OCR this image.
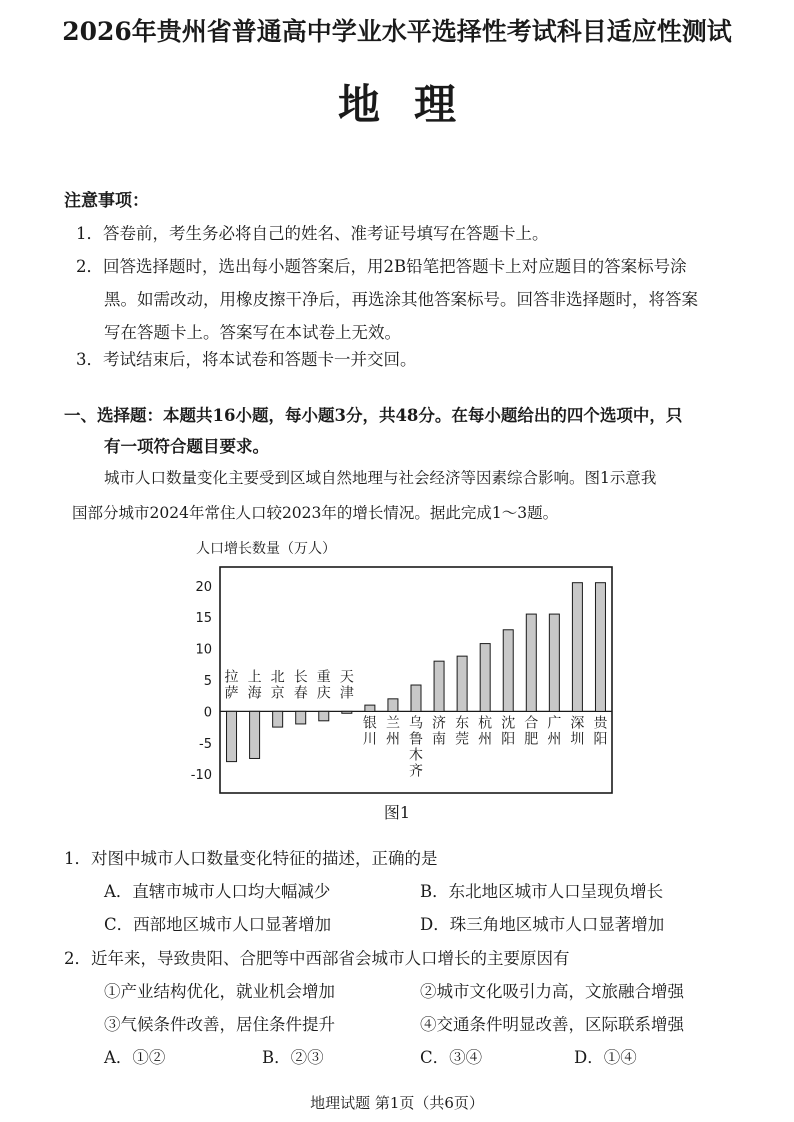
2026年贵州省普通高中学业水平选择性考试科目适应性测试
地理
注意事项：
1．答卷前，考生务必将自己的姓名、准考证号填写在答题卡上。
2．回答选择题时，选出每小题答案后，用2B铅笔把答题卡上对应题目的答案标号涂
黑。如需改动，用橡皮擦干净后，再选涂其他答案标号。回答非选择题时，将答案
写在答题卡上。答案写在本试卷上无效。
3．考试结束后，将本试卷和答题卡一并交回。
一、选择题：本题共16小题，每小题3分，共48分。在每小题给出的四个选项中，只
有一项符合题目要求。
城市人口数量变化主要受到区域自然地理与社会经济等因素综合影响。图1示意我
国部分城市2024年常住人口较2023年的增长情况。据此完成1～3题。
人口增长数量（万人）
20
15
10
5
0
-5
-10
拉萨
上海
北京
长春
重庆
天津
银川
兰州
乌鲁木齐
济南
东莞
杭州
沈阳
合肥
广州
深圳
贵阳
图1
1．对图中城市人口数量变化特征的描述，正确的是
A．直辖市城市人口均大幅减少	B．东北地区城市人口呈现负增长
C．西部地区城市人口显著增加	D．珠三角地区城市人口显著增加
2．近年来，导致贵阳、合肥等中西部省会城市人口增长的主要原因有
①产业结构优化，就业机会增加	②城市文化吸引力高，文旅融合增强
③气候条件改善，居住条件提升	④交通条件明显改善，区际联系增强
A．①②	B．②③	C．③④	D．①④
地理试题 第1页（共6页）
